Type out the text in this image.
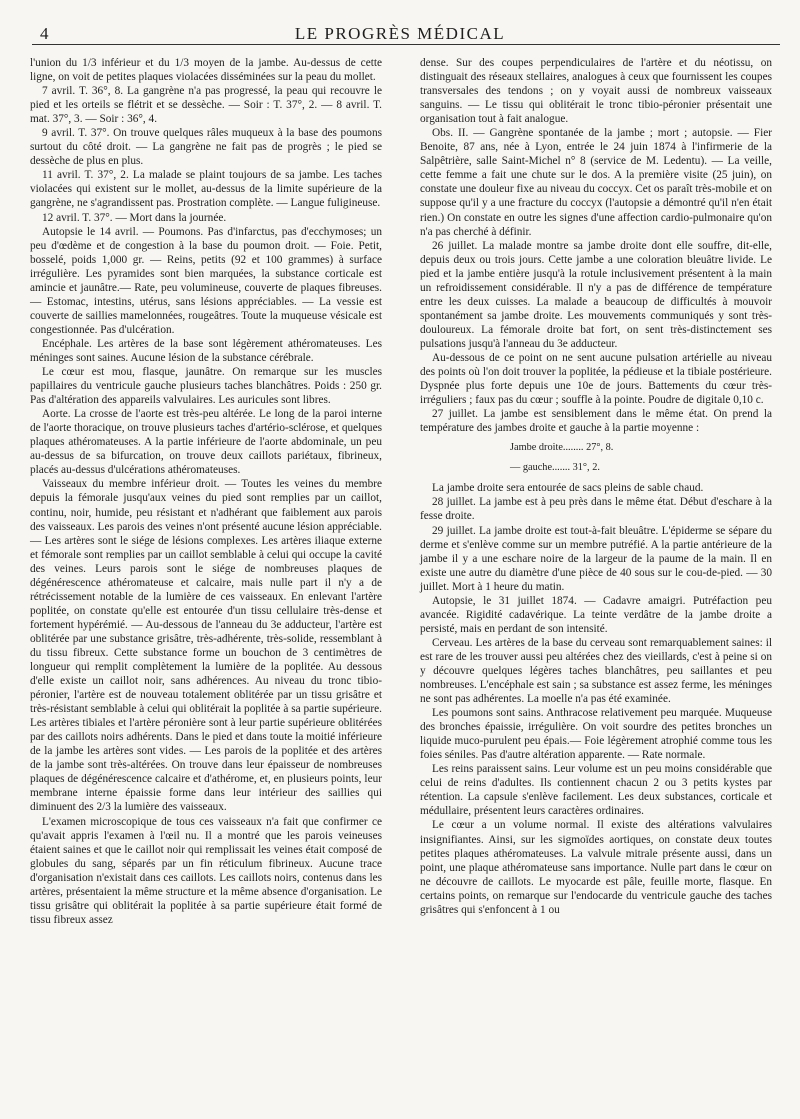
4	LE PROGRÈS MÉDICAL

l'union du 1/3 inférieur et du 1/3 moyen de la jambe. Au-dessus de cette ligne, on voit de petites plaques violacées disséminées sur la peau du mollet.

7 avril. T. 36°, 8. La gangrène n'a pas progressé, la peau qui recouvre le pied et les orteils se flétrit et se dessèche. — Soir : T. 37°, 2. — 8 avril. T. mat. 37°, 3. — Soir : 36°, 4.

9 avril. T. 37°. On trouve quelques râles muqueux à la base des poumons surtout du côté droit. — La gangrène ne fait pas de progrès ; le pied se dessèche de plus en plus.

11 avril. T. 37°, 2. La malade se plaint toujours de sa jambe. Les taches violacées qui existent sur le mollet, au-dessus de la limite supérieure de la gangrène, ne s'agrandissent pas. Prostration complète. — Langue fuligineuse.

12 avril. T. 37°. — Mort dans la journée.

Autopsie le 14 avril. — Poumons. Pas d'infarctus, pas d'ecchymoses; un peu d'œdème et de congestion à la base du poumon droit. — Foie. Petit, bosselé, poids 1,000 gr. — Reins, petits (92 et 100 grammes) à surface irrégulière. Les pyramides sont bien marquées, la substance corticale est amincie et jaunâtre.— Rate, peu volumineuse, couverte de plaques fibreuses. — Estomac, intestins, utérus, sans lésions appréciables. — La vessie est couverte de saillies mamelonnées, rougeâtres. Toute la muqueuse vésicale est congestionnée. Pas d'ulcération.

Encéphale. Les artères de la base sont légèrement athéromateuses. Les méninges sont saines. Aucune lésion de la substance cérébrale.

Le cœur est mou, flasque, jaunâtre. On remarque sur les muscles papillaires du ventricule gauche plusieurs taches blanchâtres. Poids : 250 gr. Pas d'altération des appareils valvulaires. Les auricules sont libres.

Aorte. La crosse de l'aorte est très-peu altérée. Le long de la paroi interne de l'aorte thoracique, on trouve plusieurs taches d'artério-sclérose, et quelques plaques athéromateuses. A la partie inférieure de l'aorte abdominale, un peu au-dessus de sa bifurcation, on trouve deux caillots pariétaux, fibrineux, placés au-dessus d'ulcérations athéromateuses.

Vaisseaux du membre inférieur droit. — Toutes les veines du membre depuis la fémorale jusqu'aux veines du pied sont remplies par un caillot, continu, noir, humide, peu résistant et n'adhérant que faiblement aux parois des vaisseaux. Les parois des veines n'ont présenté aucune lésion appréciable. — Les artères sont le siége de lésions complexes. Les artères iliaque externe et fémorale sont remplies par un caillot semblable à celui qui occupe la cavité des veines. Leurs parois sont le siége de nombreuses plaques de dégénérescence athéromateuse et calcaire, mais nulle part il n'y a de rétrécissement notable de la lumière de ces vaisseaux. En enlevant l'artère poplitée, on constate qu'elle est entourée d'un tissu cellulaire très-dense et fortement hypérémié. — Au-dessous de l'anneau du 3e adducteur, l'artère est oblitérée par une substance grisâtre, très-adhérente, très-solide, ressemblant à du tissu fibreux. Cette substance forme un bouchon de 3 centimètres de longueur qui remplit complètement la lumière de la poplitée. Au dessous d'elle existe un caillot noir, sans adhérences. Au niveau du tronc tibio-péronier, l'artère est de nouveau totalement oblitérée par un tissu grisâtre et très-résistant semblable à celui qui oblitérait la poplitée à sa partie supérieure. Les artères tibiales et l'artère péronière sont à leur partie supérieure oblitérées par des caillots noirs adhérents. Dans le pied et dans toute la moitié inférieure de la jambe les artères sont vides. — Les parois de la poplitée et des artères de la jambe sont très-altérées. On trouve dans leur épaisseur de nombreuses plaques de dégénérescence calcaire et d'athérome, et, en plusieurs points, leur membrane interne épaissie forme dans leur intérieur des saillies qui diminuent des 2/3 la lumière des vaisseaux.

L'examen microscopique de tous ces vaisseaux n'a fait que confirmer ce qu'avait appris l'examen à l'œil nu. Il a montré que les parois veineuses étaient saines et que le caillot noir qui remplissait les veines était composé de globules du sang, séparés par un fin réticulum fibrineux. Aucune trace d'organisation n'existait dans ces caillots. Les caillots noirs, contenus dans les artères, présentaient la même structure et la même absence d'organisation. Le tissu grisâtre qui oblitérait la poplitée à sa partie supérieure était formé de tissu fibreux assez

dense. Sur des coupes perpendiculaires de l'artère et du néotissu, on distinguait des réseaux stellaires, analogues à ceux que fournissent les coupes transversales des tendons ; on y voyait aussi de nombreux vaisseaux sanguins. — Le tissu qui oblitérait le tronc tibio-péronier présentait une organisation tout à fait analogue.

Obs. II. — Gangrène spontanée de la jambe ; mort ; autopsie. — Fier Benoite, 87 ans, née à Lyon, entrée le 24 juin 1874 à l'infirmerie de la Salpêtrière, salle Saint-Michel n° 8 (service de M. Ledentu). — La veille, cette femme a fait une chute sur le dos. A la première visite (25 juin), on constate une douleur fixe au niveau du coccyx. Cet os paraît très-mobile et on suppose qu'il y a une fracture du coccyx (l'autopsie a démontré qu'il n'en était rien.) On constate en outre les signes d'une affection cardio-pulmonaire qu'on n'a pas cherché à définir.

26 juillet. La malade montre sa jambe droite dont elle souffre, dit-elle, depuis deux ou trois jours. Cette jambe a une coloration bleuâtre livide. Le pied et la jambe entière jusqu'à la rotule inclusivement présentent à la main un refroidissement considérable. Il n'y a pas de différence de température entre les deux cuisses. La malade a beaucoup de difficultés à mouvoir spontanément sa jambe droite. Les mouvements communiqués y sont très-douloureux. La fémorale droite bat fort, on sent très-distinctement ses pulsations jusqu'à l'anneau du 3e adducteur.

Au-dessous de ce point on ne sent aucune pulsation artérielle au niveau des points où l'on doit trouver la poplitée, la pédieuse et la tibiale postérieure. Dyspnée plus forte depuis une 10e de jours. Battements du cœur très-irréguliers ; faux pas du cœur ; souffle à la pointe. Poudre de digitale 0,10 c.

27 juillet. La jambe est sensiblement dans le même état. On prend la température des jambes droite et gauche à la partie moyenne :

Jambe droite........ 27°, 8.

— gauche....... 31°, 2.

La jambe droite sera entourée de sacs pleins de sable chaud.

28 juillet. La jambe est à peu près dans le même état. Début d'eschare à la fesse droite.

29 juillet. La jambe droite est tout-à-fait bleuâtre. L'épiderme se sépare du derme et s'enlève comme sur un membre putréfié. A la partie antérieure de la jambe il y a une eschare noire de la largeur de la paume de la main. Il en existe une autre du diamètre d'une pièce de 40 sous sur le cou-de-pied. — 30 juillet. Mort à 1 heure du matin.

Autopsie, le 31 juillet 1874. — Cadavre amaigri. Putréfaction peu avancée. Rigidité cadavérique. La teinte verdâtre de la jambe droite a persisté, mais en perdant de son intensité.

Cerveau. Les artères de la base du cerveau sont remarquablement saines: il est rare de les trouver aussi peu altérées chez des vieillards, c'est à peine si on y découvre quelques légères taches blanchâtres, peu saillantes et peu nombreuses. L'encéphale est sain ; sa substance est assez ferme, les méninges ne sont pas adhérentes. La moelle n'a pas été examinée.

Les poumons sont sains. Anthracose relativement peu marquée. Muqueuse des bronches épaissie, irrégulière. On voit sourdre des petites bronches un liquide muco-purulent peu épais.— Foie légèrement atrophié comme tous les foies séniles. Pas d'autre altération apparente. — Rate normale.

Les reins paraissent sains. Leur volume est un peu moins considérable que celui de reins d'adultes. Ils contiennent chacun 2 ou 3 petits kystes par rétention. La capsule s'enlève facilement. Les deux substances, corticale et médullaire, présentent leurs caractères ordinaires.

Le cœur a un volume normal. Il existe des altérations valvulaires insignifiantes. Ainsi, sur les sigmoïdes aortiques, on constate deux toutes petites plaques athéromateuses. La valvule mitrale présente aussi, dans un point, une plaque athéromateuse sans importance. Nulle part dans le cœur on ne découvre de caillots. Le myocarde est pâle, feuille morte, flasque. En certains points, on remarque sur l'endocarde du ventricule gauche des taches grisâtres qui s'enfoncent à 1 ou
